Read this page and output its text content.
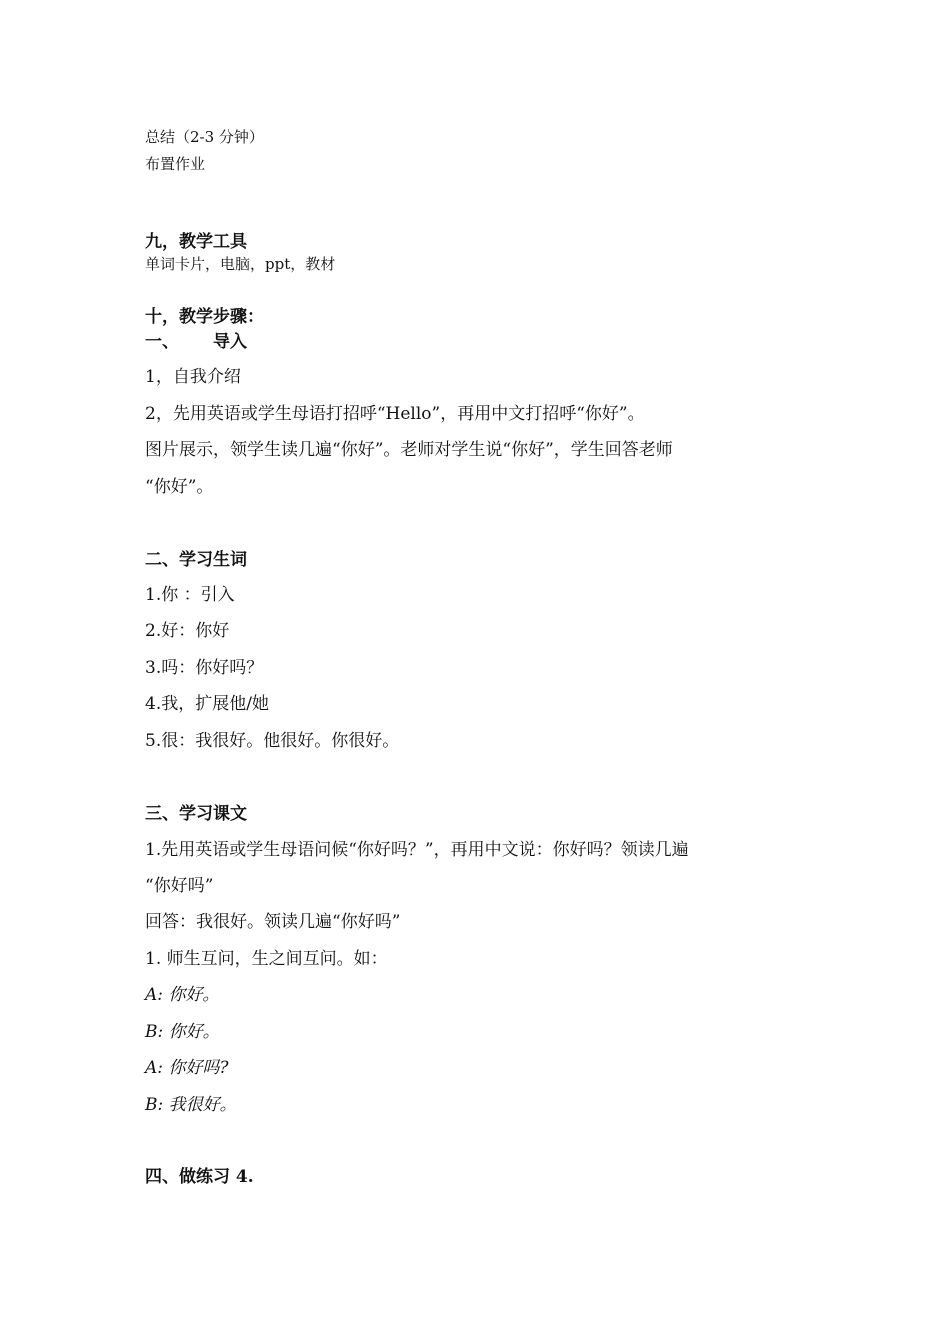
总结（2-3 分钟）
布置作业
九，教学工具
单词卡片，电脑，ppt，教材
十，教学步骤：
一、 导入
1，自我介绍
2，先用英语或学生母语打招呼“Hello”，再用中文打招呼“你好”。
图片展示，领学生读几遍“你好”。老师对学生说“你好”，学生回答老师
“你好”。
二、学习生词
1.你 ：引入
2.好：你好
3.吗：你好吗？
4.我，扩展他/她
5.很：我很好。他很好。你很好。
三、学习课文
1.先用英语或学生母语问候“你好吗？”，再用中文说：你好吗？领读几遍
“你好吗”
回答：我很好。领读几遍“你好吗”
1. 师生互问，生之间互问。如：
A: 你好。
B: 你好。
A: 你好吗?
B: 我很好。
四、做练习 4.
